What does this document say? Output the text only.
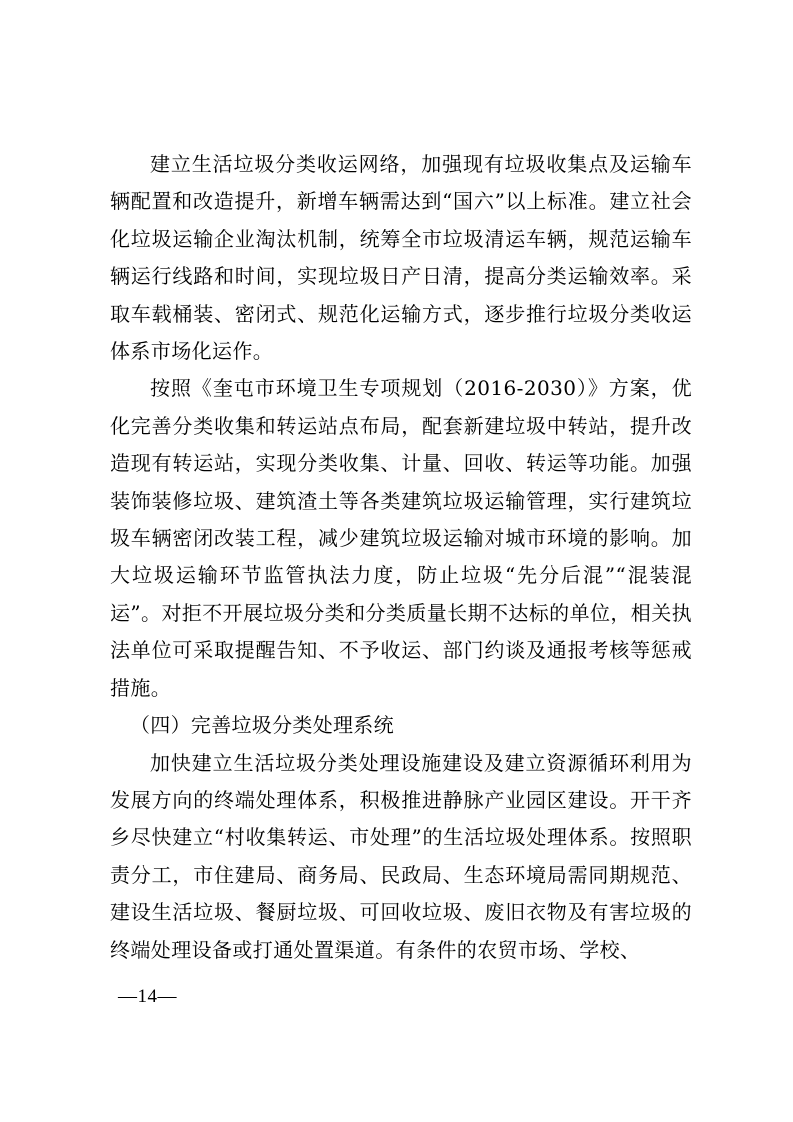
建立生活垃圾分类收运网络，加强现有垃圾收集点及运输车辆配置和改造提升，新增车辆需达到“国六”以上标准。建立社会化垃圾运输企业淘汰机制，统筹全市垃圾清运车辆，规范运输车辆运行线路和时间，实现垃圾日产日清，提高分类运输效率。采取车载桶装、密闭式、规范化运输方式，逐步推行垃圾分类收运体系市场化运作。

按照《奎屯市环境卫生专项规划（2016-2030）》方案，优化完善分类收集和转运站点布局，配套新建垃圾中转站，提升改造现有转运站，实现分类收集、计量、回收、转运等功能。加强装饰装修垃圾、建筑渣土等各类建筑垃圾运输管理，实行建筑垃圾车辆密闭改装工程，减少建筑垃圾运输对城市环境的影响。加大垃圾运输环节监管执法力度，防止垃圾“先分后混”“混装混运”。对拒不开展垃圾分类和分类质量长期不达标的单位，相关执法单位可采取提醒告知、不予收运、部门约谈及通报考核等惩戒措施。

（四）完善垃圾分类处理系统

加快建立生活垃圾分类处理设施建设及建立资源循环利用为发展方向的终端处理体系，积极推进静脉产业园区建设。开干齐乡尽快建立“村收集转运、市处理”的生活垃圾处理体系。按照职责分工，市住建局、商务局、民政局、生态环境局需同期规范、建设生活垃圾、餐厨垃圾、可回收垃圾、废旧衣物及有害垃圾的终端处理设备或打通处置渠道。有条件的农贸市场、学校、

—14—
